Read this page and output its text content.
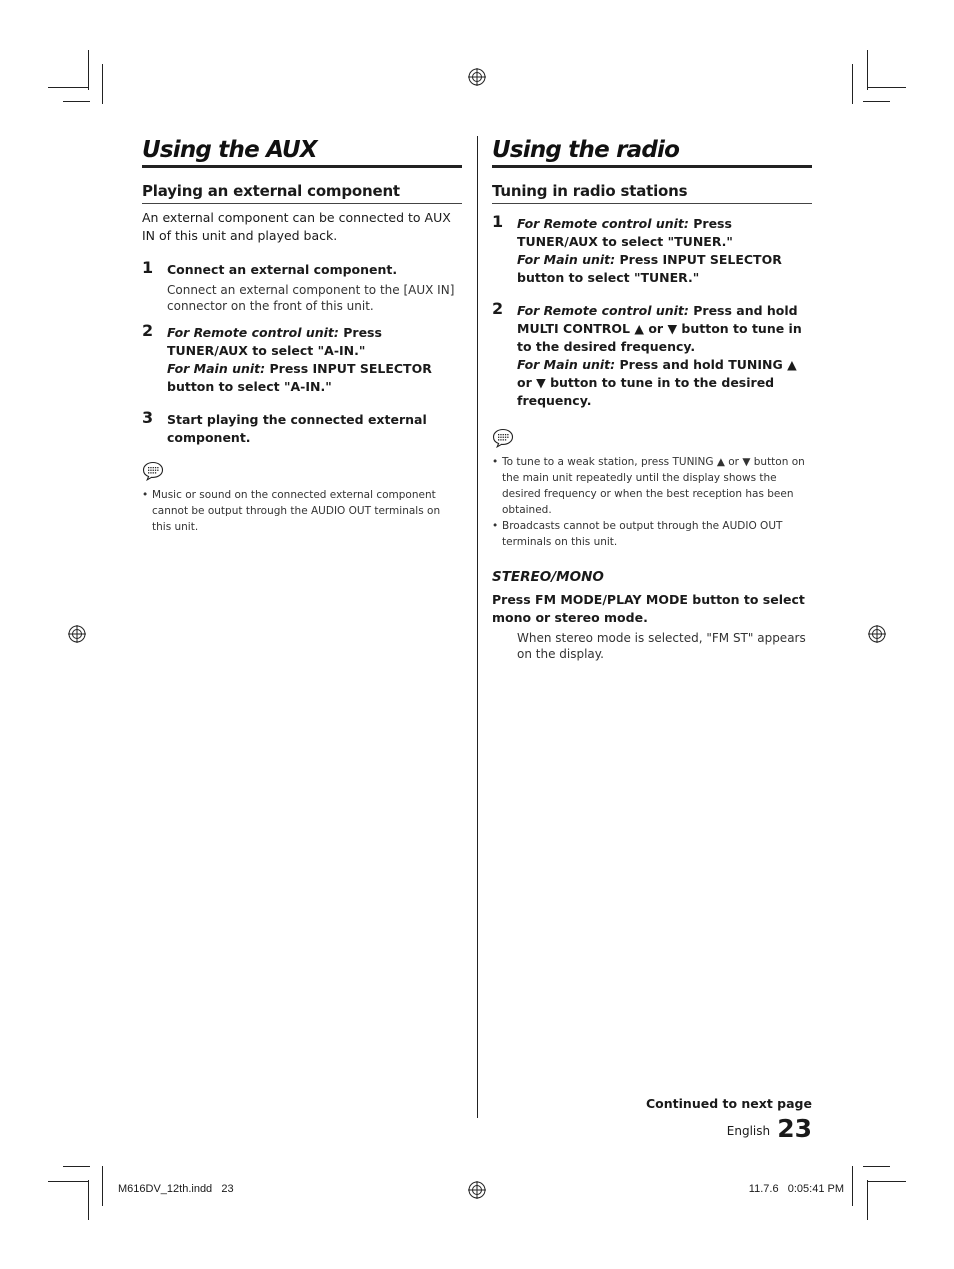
Using the AUX
Playing an external component

An external component can be connected to AUX IN of this unit and played back.

1 Connect an external component.
Connect an external component to the [AUX IN] connector on the front of this unit.
2 For Remote control unit: Press TUNER/AUX to select "A-IN."
For Main unit: Press INPUT SELECTOR button to select "A-IN."
3 Start playing the connected external component.
• Music or sound on the connected external component cannot be output through the AUDIO OUT terminals on this unit.
Using the radio
Tuning in radio stations
1 For Remote control unit: Press TUNER/AUX to select "TUNER."
For Main unit: Press INPUT SELECTOR button to select "TUNER."
2 For Remote control unit: Press and hold MULTI CONTROL ▲ or ▼ button to tune in to the desired frequency.
For Main unit: Press and hold TUNING ▲ or ▼ button to tune in to the desired frequency.
• To tune to a weak station, press TUNING ▲ or ▼ button on the main unit repeatedly until the display shows the desired frequency or when the best reception has been obtained.
• Broadcasts cannot be output through the AUDIO OUT terminals on this unit.
STEREO/MONO
Press FM MODE/PLAY MODE button to select mono or stereo mode.
When stereo mode is selected, "FM ST" appears on the display.
Continued to next page
English 23
M616DV_12th.indd   23	11.7.6   0:05:41 PM
